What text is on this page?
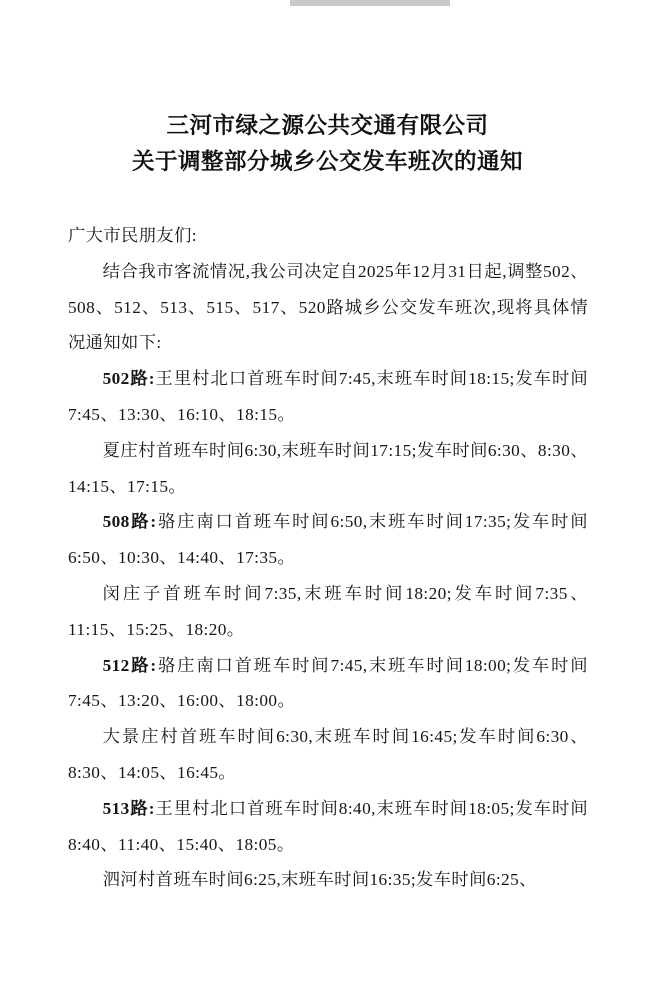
三河市绿之源公共交通有限公司
关于调整部分城乡公交发车班次的通知

广大市民朋友们:

结合我市客流情况,我公司决定自2025年12月31日起,调整502、508、512、513、515、517、520路城乡公交发车班次,现将具体情况通知如下:

502路:王里村北口首班车时间7:45,末班车时间18:15;发车时间7:45、13:30、16:10、18:15。

夏庄村首班车时间6:30,末班车时间17:15;发车时间6:30、8:30、14:15、17:15。

508路:骆庄南口首班车时间6:50,末班车时间17:35;发车时间6:50、10:30、14:40、17:35。

闵庄子首班车时间7:35,末班车时间18:20;发车时间7:35、11:15、15:25、18:20。

512路:骆庄南口首班车时间7:45,末班车时间18:00;发车时间7:45、13:20、16:00、18:00。

大景庄村首班车时间6:30,末班车时间16:45;发车时间6:30、8:30、14:05、16:45。

513路:王里村北口首班车时间8:40,末班车时间18:05;发车时间8:40、11:40、15:40、18:05。

泗河村首班车时间6:25,末班车时间16:35;发车时间6:25、
